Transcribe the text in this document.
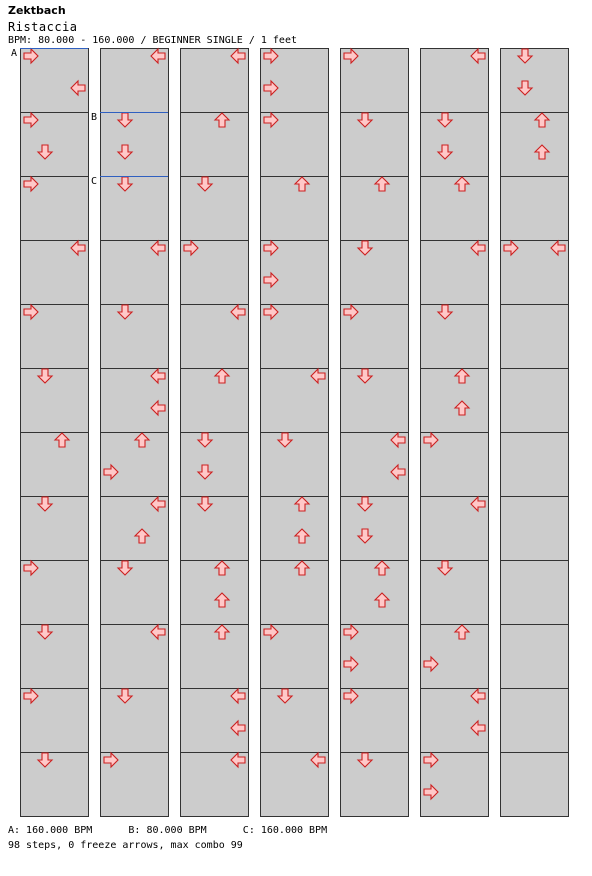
Zektbach
Ristaccia
BPM: 80.000 - 160.000 / BEGINNER SINGLE / 1 feet
A
B
C
A: 160.000 BPM      B: 80.000 BPM      C: 160.000 BPM
98 steps, 0 freeze arrows, max combo 99
